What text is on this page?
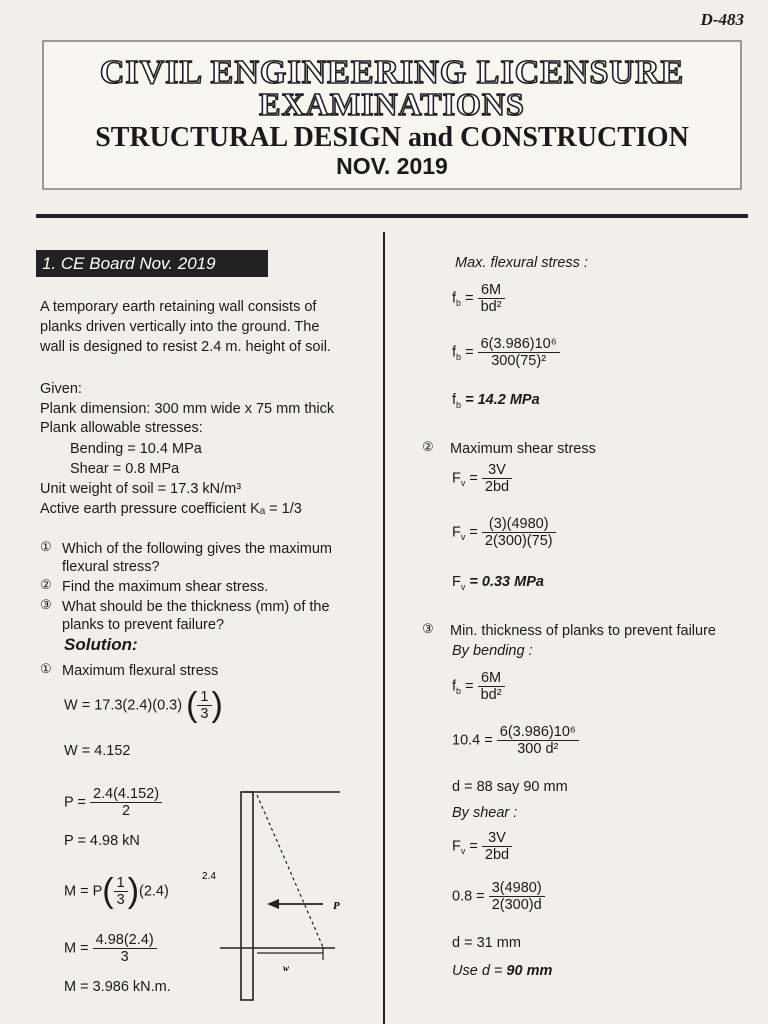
D-483
CIVIL ENGINEERING LICENSURE
EXAMINATIONS
STRUCTURAL DESIGN and CONSTRUCTION
NOV. 2019
1. CE Board Nov. 2019
A temporary earth retaining wall consists of
planks driven vertically into the ground. The
wall is designed to resist 2.4 m. height of soil.
Given:
Plank dimension: 300 mm wide x 75 mm thick
Plank allowable stresses:
Bending = 10.4 MPa
Shear = 0.8 MPa
Unit weight of soil = 17.3 kN/m³
Active earth pressure coefficient Kₐ = 1/3
① Which of the following gives the maximum
flexural stress?
② Find the maximum shear stress.
③ What should be the thickness (mm) of the
planks to prevent failure?
Solution:
① Maximum flexural stress
W = 17.3(2.4)(0.3) ( $\frac{1}{3}$ )
W = 4.152
$P = \frac{2.4(4.152)}{2}$
P = 4.98 kN
$M = P( \frac{1}{3} )(2.4)$
$M = \frac{4.98(2.4)}{3}$
M = 3.986 kN.m.
P
2.4
w
Max. flexural stress :
$f_b = \frac{6M}{\text{bd²}}$
$f_b = \frac{\text{6(3.986)10⁶}}{\text{300(75)²}}$
$f_b = 14.2$ MPa
② Maximum shear stress
$F_v = \frac{3V}{2bd}$
$F_v = \frac{(3)(4980)}{2(300)(75)}$
$F_v = 0.33$ MPa
③ Min. thickness of planks to prevent failure
By bending :
$f_b = \frac{6M}{\text{bd²}}$
$10.4 = \frac{\text{6(3.986)10⁶}}{\text{300 d²}}$
d = 88 say 90 mm
By shear :
$F_v = \frac{3V}{2bd}$
$0.8 = \frac{3(4980)}{2(300)d}$
d = 31 mm
Use d = 90 mm
